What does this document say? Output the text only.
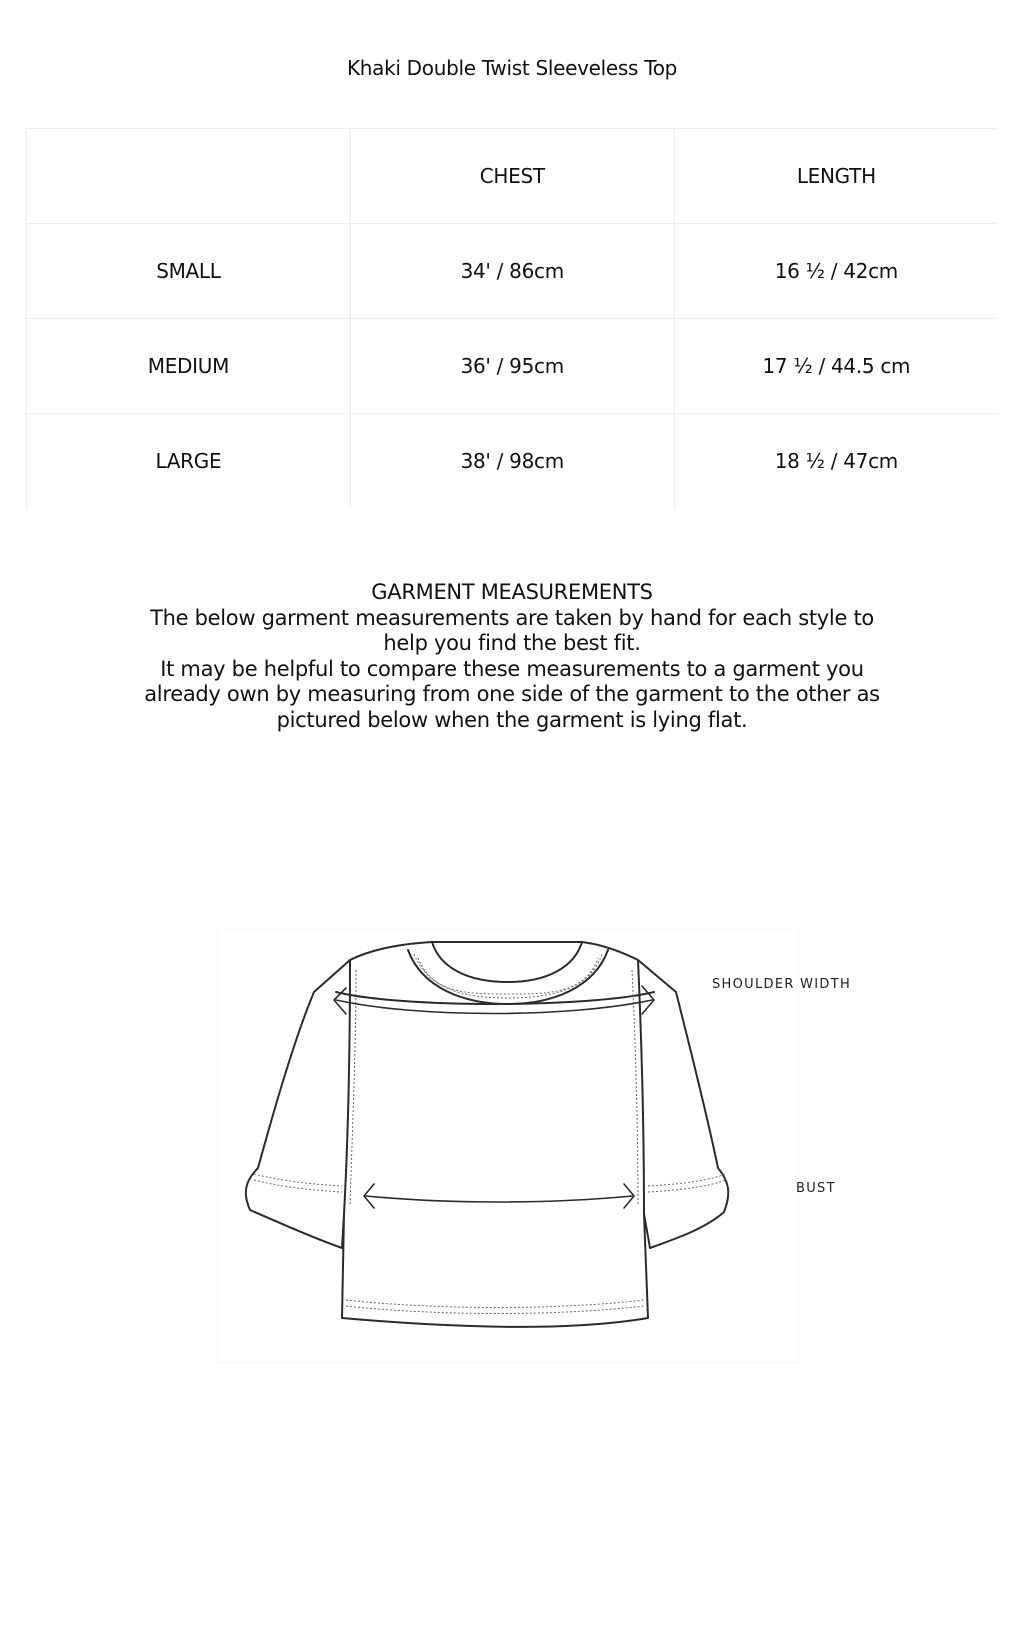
Khaki Double Twist Sleeveless Top
	CHEST	LENGTH
SMALL	34' / 86cm	16 ½ / 42cm
MEDIUM	36' / 95cm	17 ½ / 44.5 cm
LARGE	38' / 98cm	18 ½ / 47cm

GARMENT MEASUREMENTS

The below garment measurements are taken by hand for each style to help you find the best fit.

It may be helpful to compare these measurements to a garment you already own by measuring from one side of the garment to the other as pictured below when the garment is lying flat.

SHOULDER WIDTH
BUST
